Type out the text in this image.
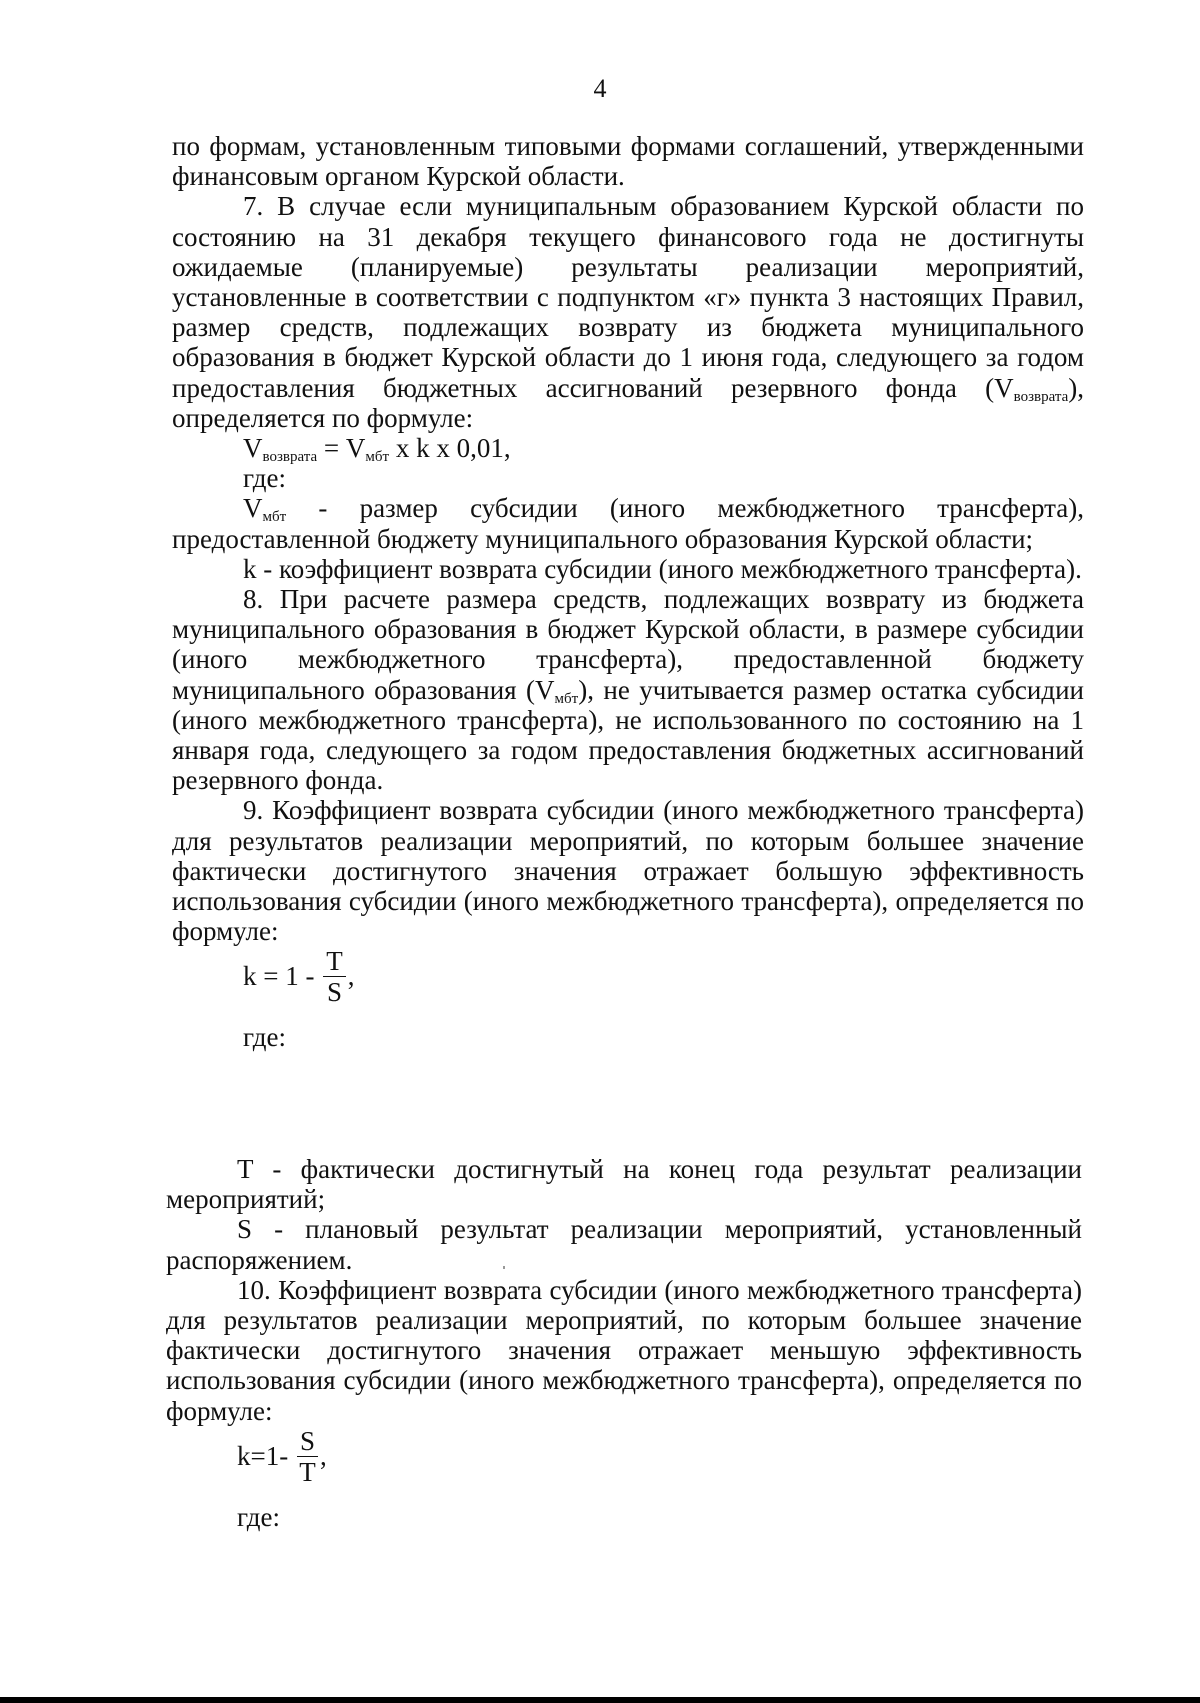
4

по формам, установленным типовыми формами соглашений, утвержденными финансовым органом Курской области.

7. В случае если муниципальным образованием Курской области по состоянию на 31 декабря текущего финансового года не достигнуты ожидаемые (планируемые) результаты реализации мероприятий, установленные в соответствии с подпунктом «г» пункта 3 настоящих Правил, размер средств, подлежащих возврату из бюджета муниципального образования в бюджет Курской области до 1 июня года, следующего за годом предоставления бюджетных ассигнований резервного фонда $(V_{возврата})$, определяется по формуле:

$V_{возврата} = V_{мбт}$ x k x 0,01,

где:

$V_{мбт}$ - размер субсидии (иного межбюджетного трансферта), предоставленной бюджету муниципального образования Курской области;

k - коэффициент возврата субсидии (иного межбюджетного трансферта).

8. При расчете размера средств, подлежащих возврату из бюджета муниципального образования в бюджет Курской области, в размере субсидии (иного межбюджетного трансферта), предоставленной бюджету муниципального образования $(V_{мбт})$, не учитывается размер остатка субсидии (иного межбюджетного трансферта), не использованного по состоянию на 1 января года, следующего за годом предоставления бюджетных ассигнований резервного фонда.

9. Коэффициент возврата субсидии (иного межбюджетного трансферта) для результатов реализации мероприятий, по которым большее значение фактически достигнутого значения отражает большую эффективность использования субсидии (иного межбюджетного трансферта), определяется по формуле:

$k = 1 - \frac{T}{S}$ ,

где:

T - фактически достигнутый на конец года результат реализации мероприятий;

S - плановый результат реализации мероприятий, установленный распоряжением.

10. Коэффициент возврата субсидии (иного межбюджетного трансферта) для результатов реализации мероприятий, по которым большее значение фактически достигнутого значения отражает меньшую эффективность использования субсидии (иного межбюджетного трансферта), определяется по формуле:

$k=1- \frac{S}{T}$ ,

где:
